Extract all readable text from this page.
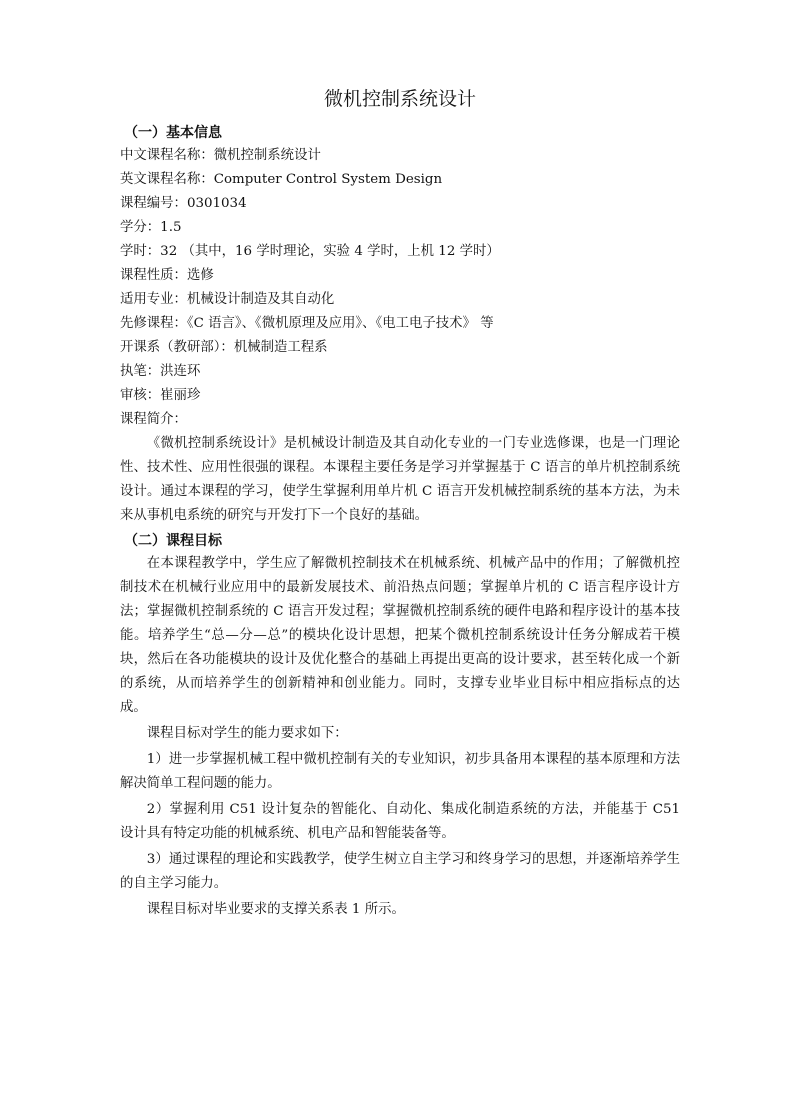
微机控制系统设计
（一）基本信息
中文课程名称：微机控制系统设计
英文课程名称：Computer Control System Design
课程编号：0301034
学分：1.5
学时：32 （其中，16 学时理论，实验 4 学时，上机 12 学时）
课程性质：选修
适用专业：机械设计制造及其自动化
先修课程：《C 语言》、《微机原理及应用》、《电工电子技术》 等
开课系（教研部）：机械制造工程系
执笔：洪连环
审核：崔丽珍
课程简介：

《微机控制系统设计》是机械设计制造及其自动化专业的一门专业选修课，也是一门理论性、技术性、应用性很强的课程。本课程主要任务是学习并掌握基于 C 语言的单片机控制系统设计。通过本课程的学习，使学生掌握利用单片机 C 语言开发机械控制系统的基本方法，为未来从事机电系统的研究与开发打下一个良好的基础。

（二）课程目标

在本课程教学中，学生应了解微机控制技术在机械系统、机械产品中的作用；了解微机控制技术在机械行业应用中的最新发展技术、前沿热点问题；掌握单片机的 C 语言程序设计方法；掌握微机控制系统的 C 语言开发过程；掌握微机控制系统的硬件电路和程序设计的基本技能。培养学生“总—分—总”的模块化设计思想，把某个微机控制系统设计任务分解成若干模块，然后在各功能模块的设计及优化整合的基础上再提出更高的设计要求，甚至转化成一个新的系统，从而培养学生的创新精神和创业能力。同时，支撑专业毕业目标中相应指标点的达成。

课程目标对学生的能力要求如下：

1）进一步掌握机械工程中微机控制有关的专业知识，初步具备用本课程的基本原理和方法解决简单工程问题的能力。

2）掌握利用 C51 设计复杂的智能化、自动化、集成化制造系统的方法，并能基于 C51 设计具有特定功能的机械系统、机电产品和智能装备等。

3）通过课程的理论和实践教学，使学生树立自主学习和终身学习的思想，并逐渐培养学生的自主学习能力。

课程目标对毕业要求的支撑关系表 1 所示。
